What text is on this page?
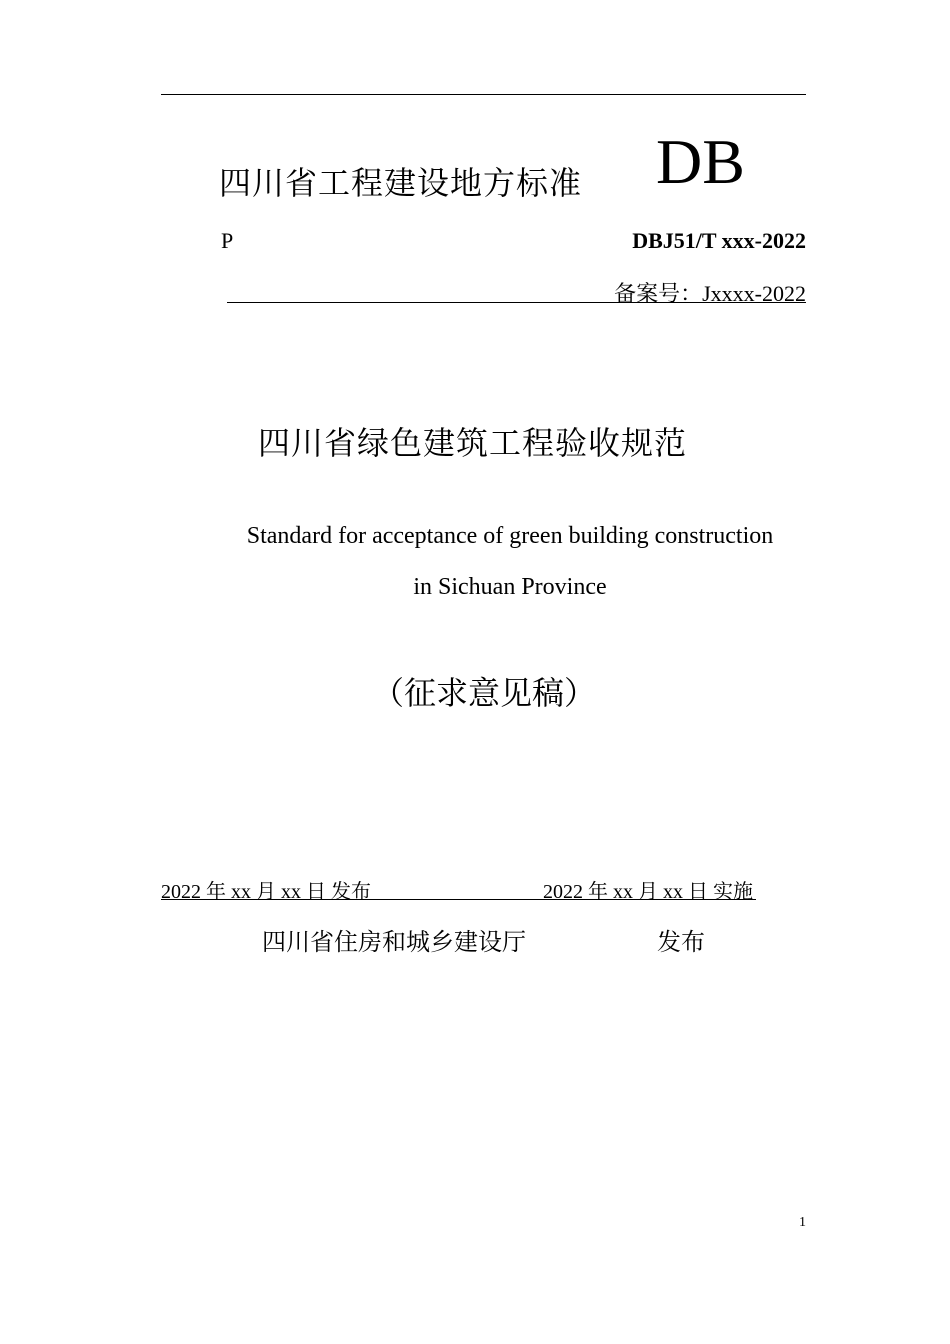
四川省工程建设地方标准 DB
P	DBJ51/T xxx-2022
备案号：Jxxxx-2022
四川省绿色建筑工程验收规范
Standard for acceptance of green building construction
in Sichuan Province
（征求意见稿）
2022 年 xx 月 xx 日 发布	2022 年 xx 月 xx 日 实施
四川省住房和城乡建设厅	发布
1
